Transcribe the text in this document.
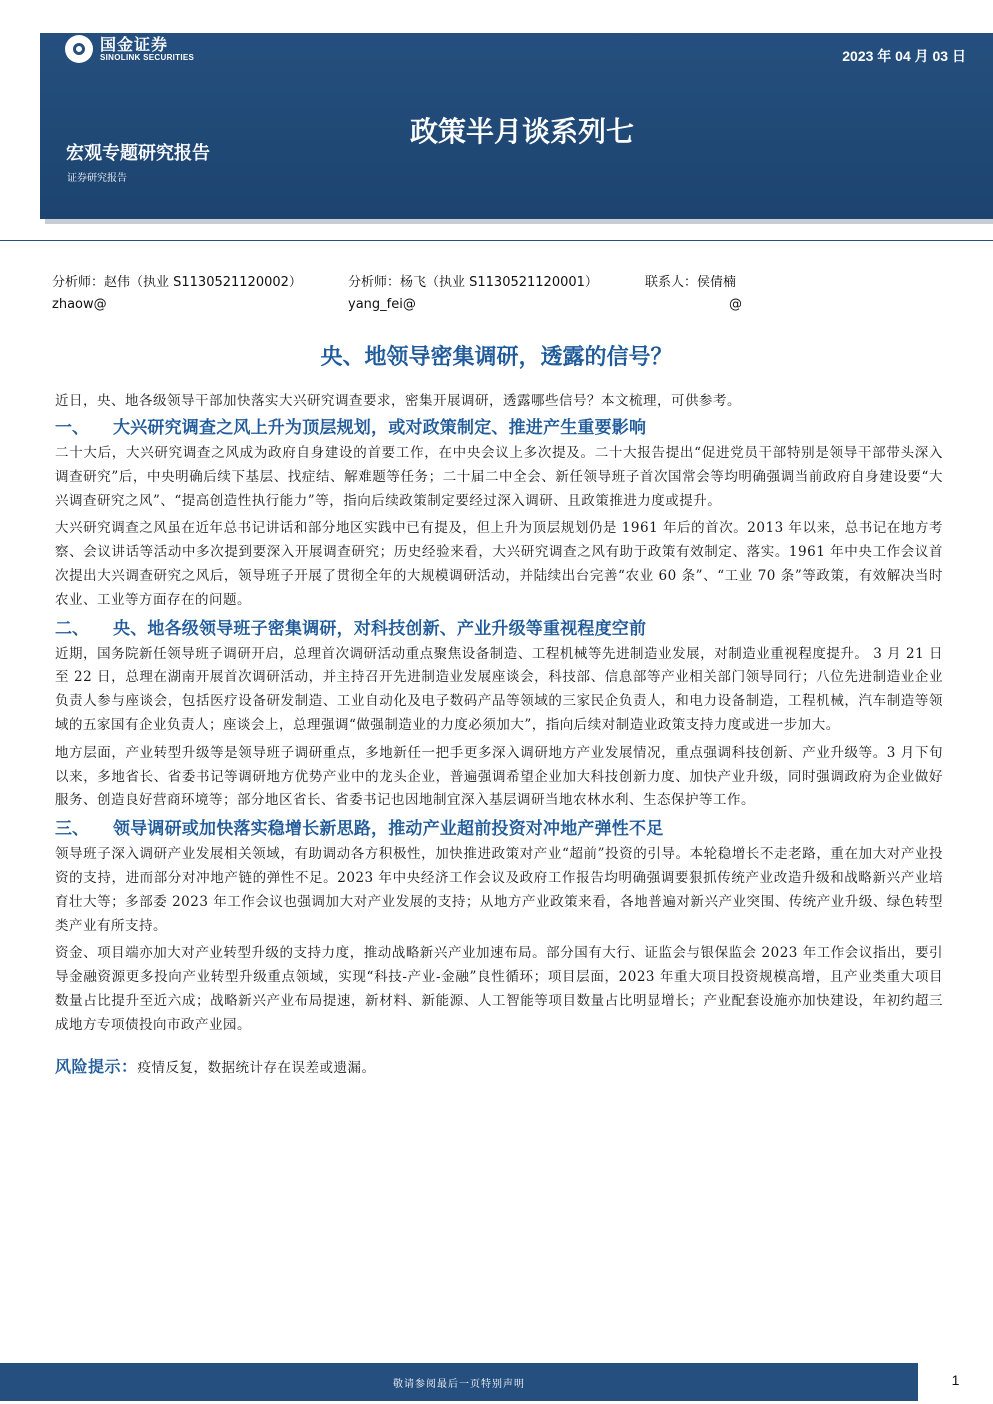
国金证券
SINOLINK SECURITIES	2023 年 04 月 03 日
政策半月谈系列七
宏观专题研究报告
证券研究报告
分析师：赵伟（执业 S1130521120002）
zhaow@
分析师：杨飞（执业 S1130521120001）
yang_fei@
联系人：侯倩楠
@
央、地领导密集调研，透露的信号？

近日，央、地各级领导干部加快落实大兴研究调查要求，密集开展调研，透露哪些信号？本文梳理，可供参考。

一、	大兴研究调查之风上升为顶层规划，或对政策制定、推进产生重要影响

二十大后，大兴研究调查之风成为政府自身建设的首要工作，在中央会议上多次提及。二十大报告提出“促进党员干部特别是领导干部带头深入调查研究”后，中央明确后续下基层、找症结、解难题等任务；二十届二中全会、新任领导班子首次国常会等均明确强调当前政府自身建设要“大兴调查研究之风”、“提高创造性执行能力”等，指向后续政策制定要经过深入调研、且政策推进力度或提升。

大兴研究调查之风虽在近年总书记讲话和部分地区实践中已有提及，但上升为顶层规划仍是 1961 年后的首次。2013 年以来，总书记在地方考察、会议讲话等活动中多次提到要深入开展调查研究；历史经验来看，大兴研究调查之风有助于政策有效制定、落实。1961 年中央工作会议首次提出大兴调查研究之风后，领导班子开展了贯彻全年的大规模调研活动，并陆续出台完善“农业 60 条”、“工业 70 条”等政策，有效解决当时农业、工业等方面存在的问题。

二、	央、地各级领导班子密集调研，对科技创新、产业升级等重视程度空前

近期，国务院新任领导班子调研开启，总理首次调研活动重点聚焦设备制造、工程机械等先进制造业发展，对制造业重视程度提升。 3 月 21 日至 22 日，总理在湖南开展首次调研活动，并主持召开先进制造业发展座谈会，科技部、信息部等产业相关部门领导同行；八位先进制造业企业负责人参与座谈会，包括医疗设备研发制造、工业自动化及电子数码产品等领域的三家民企负责人，和电力设备制造，工程机械，汽车制造等领域的五家国有企业负责人；座谈会上，总理强调“做强制造业的力度必须加大”，指向后续对制造业政策支持力度或进一步加大。

地方层面，产业转型升级等是领导班子调研重点，多地新任一把手更多深入调研地方产业发展情况，重点强调科技创新、产业升级等。3 月下旬以来，多地省长、省委书记等调研地方优势产业中的龙头企业，普遍强调希望企业加大科技创新力度、加快产业升级，同时强调政府为企业做好服务、创造良好营商环境等；部分地区省长、省委书记也因地制宜深入基层调研当地农林水利、生态保护等工作。

三、	领导调研或加快落实稳增长新思路，推动产业超前投资对冲地产弹性不足

领导班子深入调研产业发展相关领域，有助调动各方积极性，加快推进政策对产业“超前”投资的引导。本轮稳增长不走老路，重在加大对产业投资的支持，进而部分对冲地产链的弹性不足。2023 年中央经济工作会议及政府工作报告均明确强调要狠抓传统产业改造升级和战略新兴产业培育壮大等；多部委 2023 年工作会议也强调加大对产业发展的支持；从地方产业政策来看，各地普遍对新兴产业突围、传统产业升级、绿色转型类产业有所支持。

资金、项目端亦加大对产业转型升级的支持力度，推动战略新兴产业加速布局。部分国有大行、证监会与银保监会 2023 年工作会议指出，要引导金融资源更多投向产业转型升级重点领域，实现“科技-产业-金融”良性循环；项目层面，2023 年重大项目投资规模高增，且产业类重大项目数量占比提升至近六成；战略新兴产业布局提速，新材料、新能源、人工智能等项目数量占比明显增长；产业配套设施亦加快建设，年初约超三成地方专项债投向市政产业园。

风险提示：疫情反复，数据统计存在误差或遗漏。
敬请参阅最后一页特别声明	1
